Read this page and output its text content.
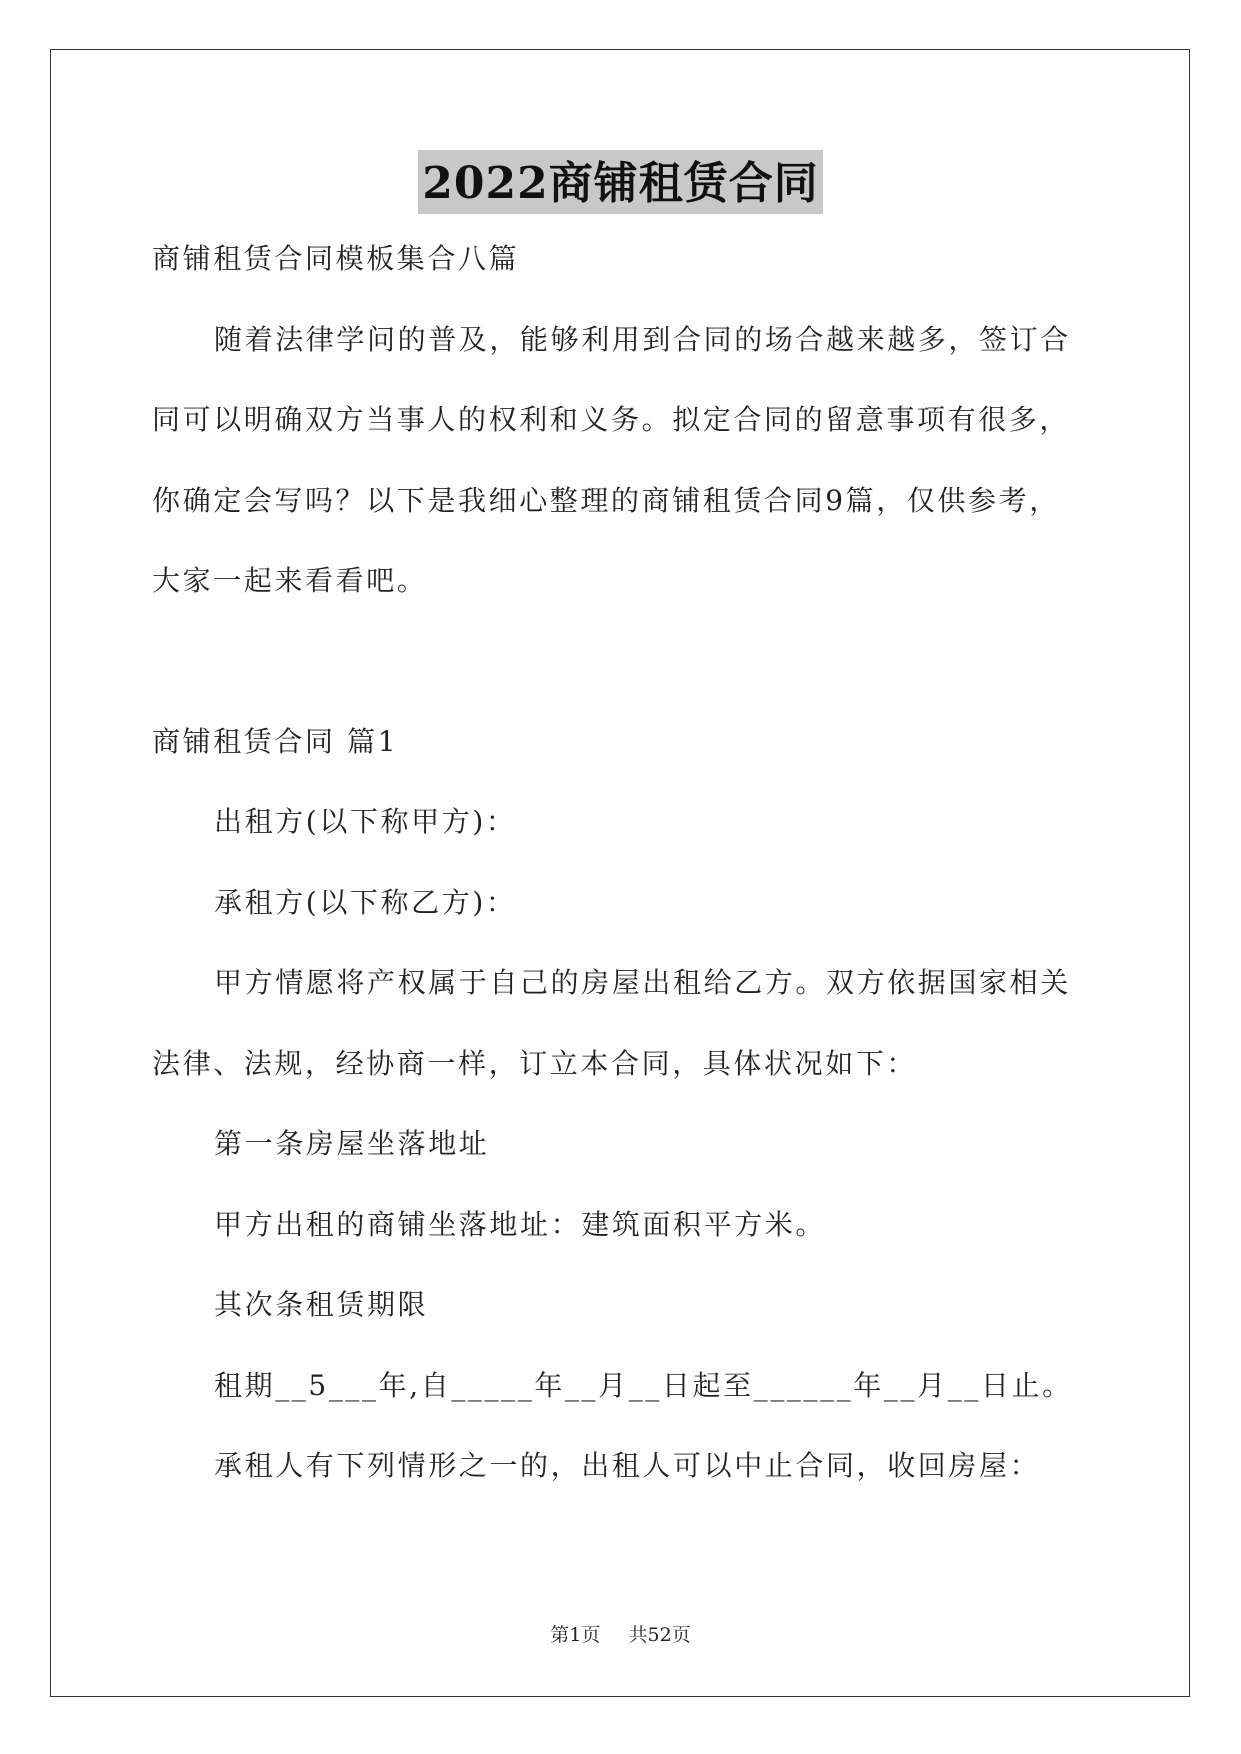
2022商铺租赁合同
商铺租赁合同模板集合八篇
随着法律学问的普及，能够利用到合同的场合越来越多，签订合
同可以明确双方当事人的权利和义务。拟定合同的留意事项有很多，
你确定会写吗？以下是我细心整理的商铺租赁合同9篇，仅供参考，
大家一起来看看吧。
商铺租赁合同 篇1
出租方(以下称甲方)：
承租方(以下称乙方)：
甲方情愿将产权属于自己的房屋出租给乙方。双方依据国家相关
法律、法规，经协商一样，订立本合同，具体状况如下：
第一条房屋坐落地址
甲方出租的商铺坐落地址：建筑面积平方米。
其次条租赁期限
租期__5___年,自_____年__月__日起至______年__月__日止。
承租人有下列情形之一的，出租人可以中止合同，收回房屋：
第1页 共52页
